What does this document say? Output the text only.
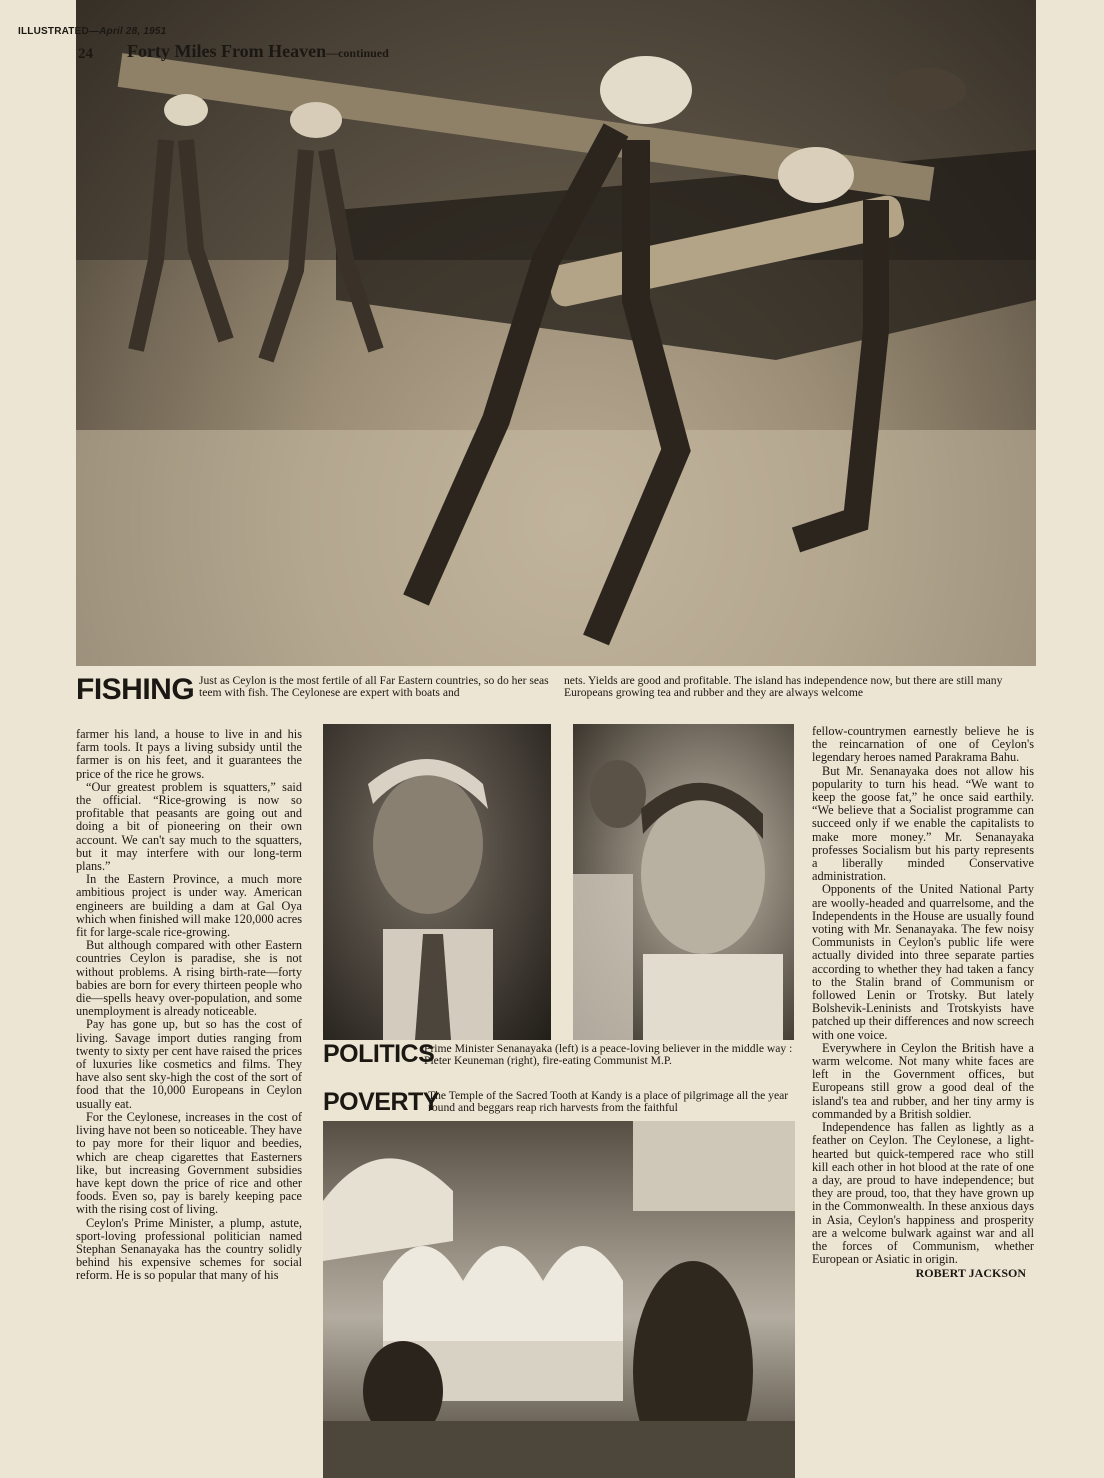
ILLUSTRATED—April 28, 1951
24 Forty Miles From Heaven—continued
FISHING Just as Ceylon is the most fertile of all Far Eastern countries, so do her seas teem with fish. The Ceylonese are expert with boats and
nets. Yields are good and profitable. The island has independence now, but there are still many Europeans growing tea and rubber and they are always welcome

farmer his land, a house to live in and his farm tools. It pays a living subsidy until the farmer is on his feet, and it guarantees the price of the rice he grows.

“Our greatest problem is squatters,” said the official. “Rice-growing is now so profitable that peasants are going out and doing a bit of pioneering on their own account. We can't say much to the squatters, but it may interfere with our long-term plans.”

In the Eastern Province, a much more ambitious project is under way. American engineers are building a dam at Gal Oya which when finished will make 120,000 acres fit for large-scale rice-growing.

But although compared with other Eastern countries Ceylon is paradise, she is not without problems. A rising birth-rate—forty babies are born for every thirteen people who die—spells heavy over-population, and some unemployment is already noticeable.

Pay has gone up, but so has the cost of living. Savage import duties ranging from twenty to sixty per cent have raised the prices of luxuries like cosmetics and films. They have also sent sky-high the cost of the sort of food that the 10,000 Europeans in Ceylon usually eat.

For the Ceylonese, increases in the cost of living have not been so noticeable. They have to pay more for their liquor and beedies, which are cheap cigarettes that Easterners like, but increasing Government subsidies have kept down the price of rice and other foods. Even so, pay is barely keeping pace with the rising cost of living.

Ceylon's Prime Minister, a plump, astute, sport-loving professional politician named Stephan Senanayaka has the country solidly behind his expensive schemes for social reform. He is so popular that many of his

POLITICS
Prime Minister Senanayaka (left) is a peace-loving believer in the middle way : Pieter Keuneman (right), fire-eating Communist M.P.
POVERTY
The Temple of the Sacred Tooth at Kandy is a place of pilgrimage all the year round and beggars reap rich harvests from the faithful

fellow-countrymen earnestly believe he is the reincarnation of one of Ceylon's legendary heroes named Parakrama Bahu.

But Mr. Senanayaka does not allow his popularity to turn his head. “We want to keep the goose fat,” he once said earthily. “We believe that a Socialist programme can succeed only if we enable the capitalists to make more money.” Mr. Senanayaka professes Socialism but his party represents a liberally minded Conservative administration.

Opponents of the United National Party are woolly-headed and quarrelsome, and the Independents in the House are usually found voting with Mr. Senanayaka. The few noisy Communists in Ceylon's public life were actually divided into three separate parties according to whether they had taken a fancy to the Stalin brand of Communism or followed Lenin or Trotsky. But lately Bolshevik-Leninists and Trotskyists have patched up their differences and now screech with one voice.

Everywhere in Ceylon the British have a warm welcome. Not many white faces are left in the Government offices, but Europeans still grow a good deal of the island's tea and rubber, and her tiny army is commanded by a British soldier.

Independence has fallen as lightly as a feather on Ceylon. The Ceylonese, a light-hearted but quick-tempered race who still kill each other in hot blood at the rate of one a day, are proud to have independence; but they are proud, too, that they have grown up in the Commonwealth. In these anxious days in Asia, Ceylon's happiness and prosperity are a welcome bulwark against war and all the forces of Communism, whether European or Asiatic in origin.

ROBERT JACKSON
